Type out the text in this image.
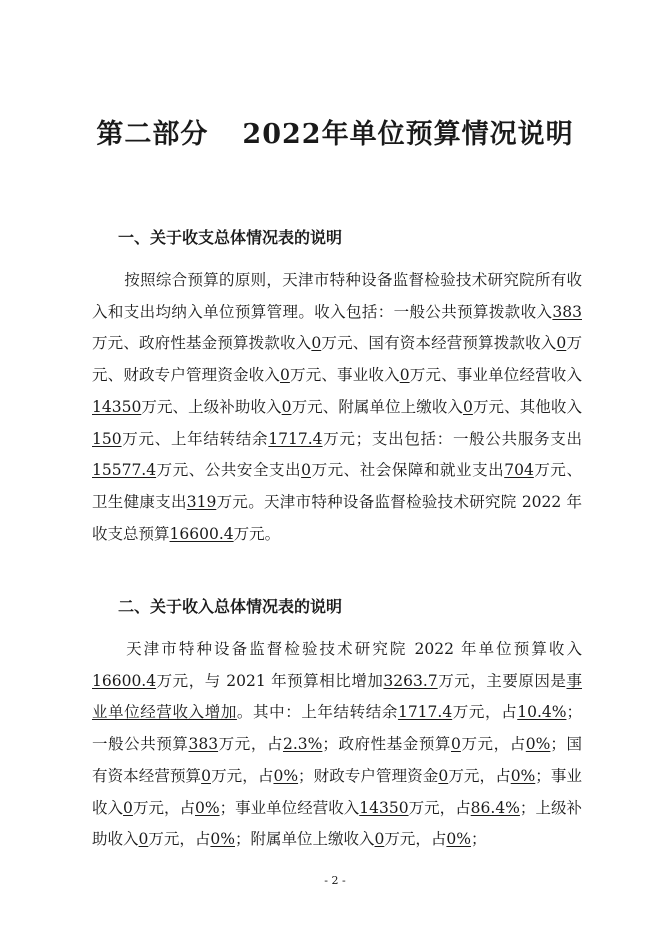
第二部分 2022年单位预算情况说明
一、关于收支总体情况表的说明
按照综合预算的原则，天津市特种设备监督检验技术研究院所有收入和支出均纳入单位预算管理。收入包括：一般公共预算拨款收入383万元、政府性基金预算拨款收入0万元、国有资本经营预算拨款收入0万元、财政专户管理资金收入0万元、事业收入0万元、事业单位经营收入14350万元、上级补助收入0万元、附属单位上缴收入0万元、其他收入150万元、上年结转结余1717.4万元；支出包括：一般公共服务支出15577.4万元、公共安全支出0万元、社会保障和就业支出704万元、卫生健康支出319万元。天津市特种设备监督检验技术研究院 2022 年收支总预算16600.4万元。
二、关于收入总体情况表的说明
天津市特种设备监督检验技术研究院 2022 年单位预算收入16600.4万元，与 2021 年预算相比增加3263.7万元，主要原因是事业单位经营收入增加。其中：上年结转结余1717.4万元，占10.4%；一般公共预算383万元，占2.3%；政府性基金预算0万元，占0%；国有资本经营预算0万元，占0%；财政专户管理资金0万元，占0%；事业收入0万元，占0%；事业单位经营收入14350万元，占86.4%；上级补助收入0万元，占0%；附属单位上缴收入0万元，占0%；
- 2 -
